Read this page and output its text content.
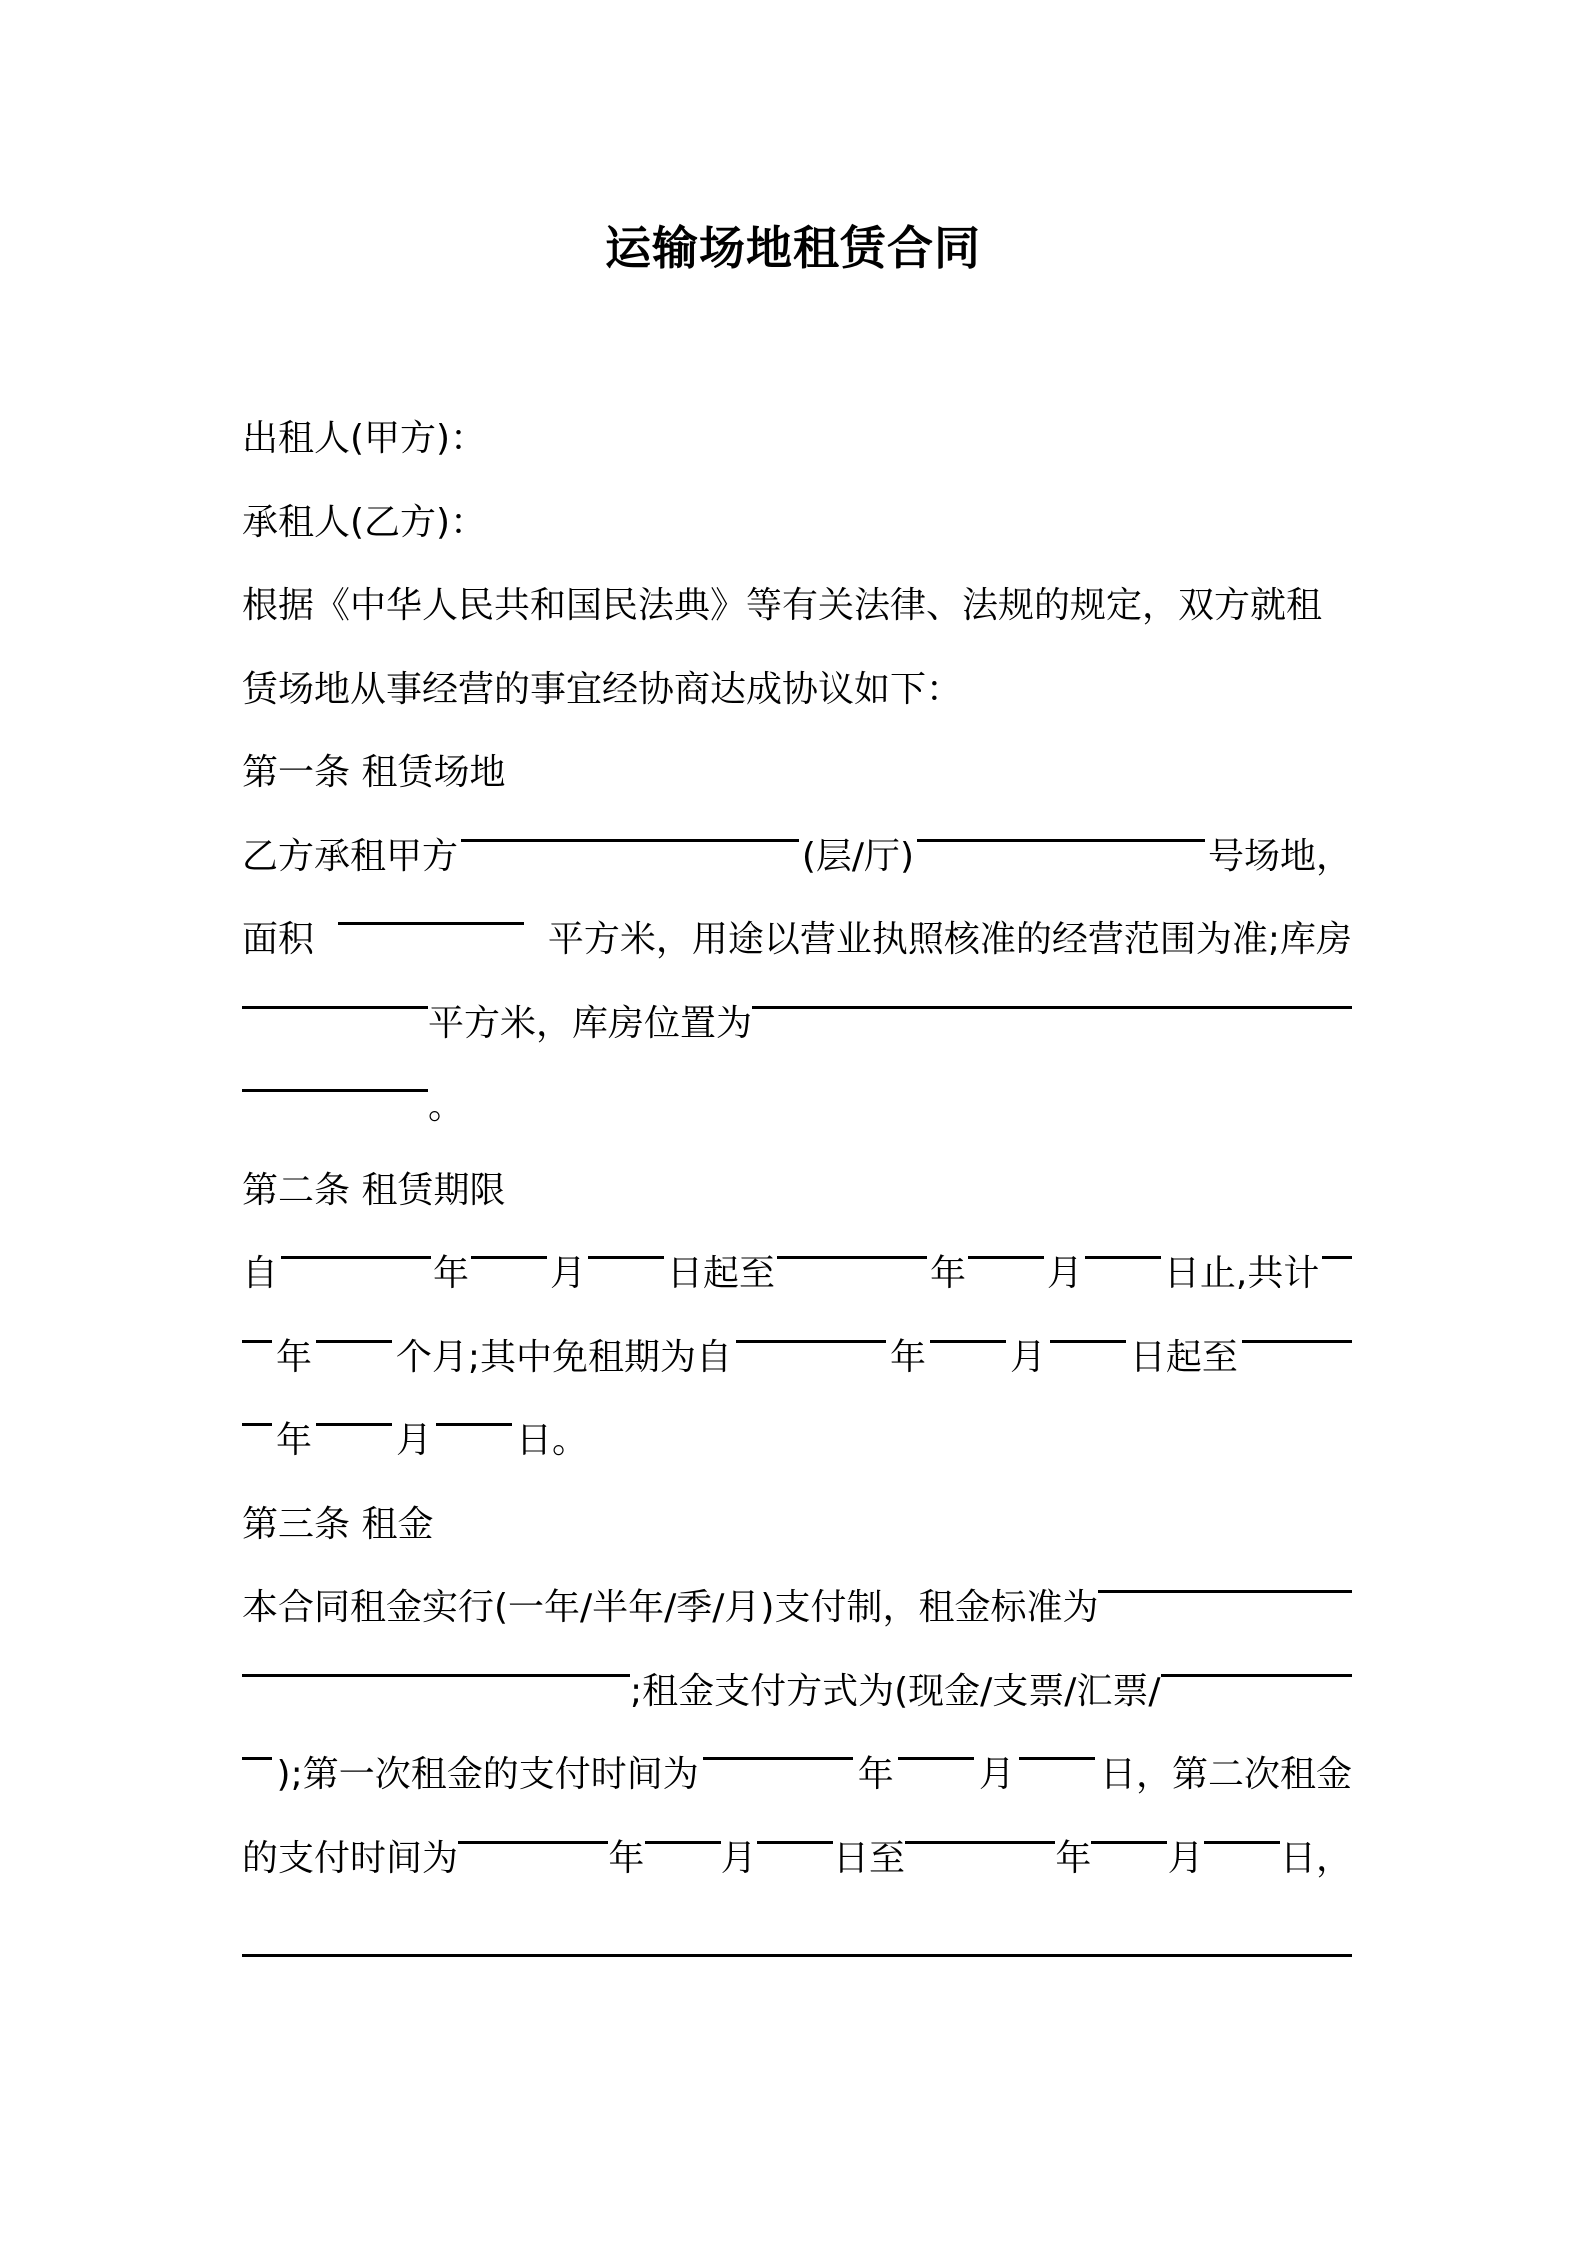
运输场地租赁合同
出租人(甲方)：
承租人(乙方)：
根据《中华人民共和国民法典》等有关法律、法规的规定，双方就租
赁场地从事经营的事宜经协商达成协议如下：
第一条 租赁场地
乙方承租甲方	(层/厅)	号场地，
面积	平方米，用途以营业执照核准的经营范围为准;库房
平方米，库房位置为
。
第二条 租赁期限
自	年 月 日起至	年 月 日止,共计
年 个月;其中免租期为自	年 月 日起至
年 月 日。
第三条 租金
本合同租金实行(一年/半年/季/月)支付制，租金标准为
;租金支付方式为(现金/支票/汇票/
);第一次租金的支付时间为	年 月 日，第二次租金
的支付时间为	年 月 日至	年 月 日，
